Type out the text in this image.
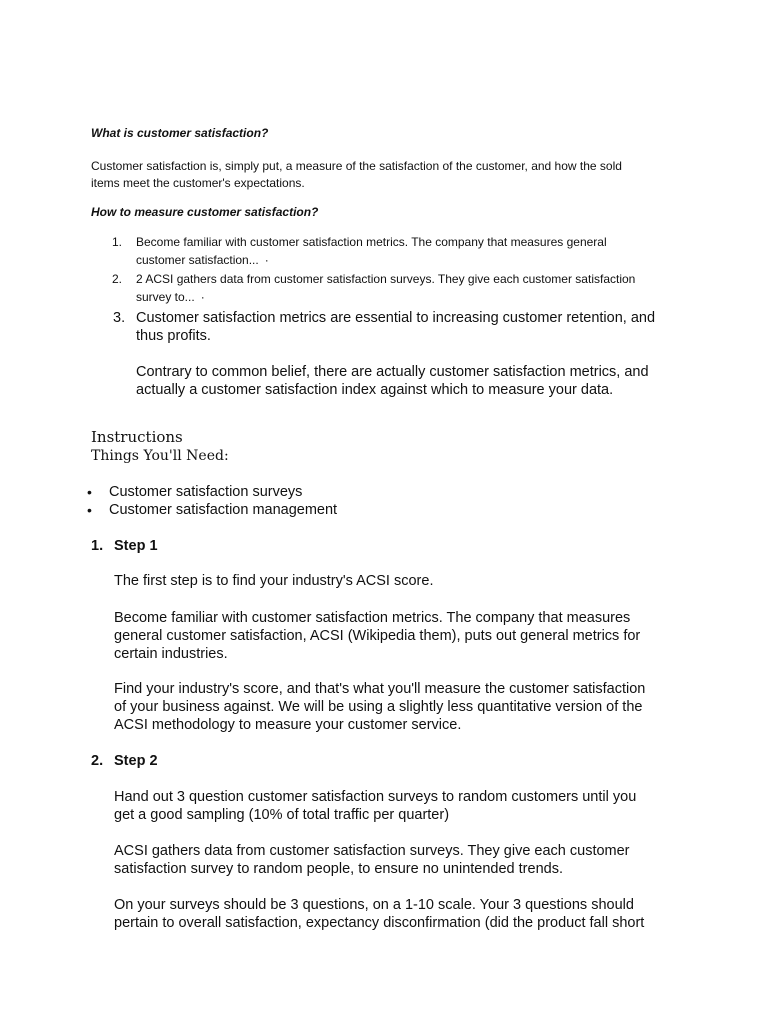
What is customer satisfaction?
Customer satisfaction is, simply put, a measure of the satisfaction of the customer, and how the sold
items meet the customer's expectations.
How to measure customer satisfaction?
1. Become familiar with customer satisfaction metrics. The company that measures general
customer satisfaction... ·
2. 2 ACSI gathers data from customer satisfaction surveys. They give each customer satisfaction
survey to... ·
3. Customer satisfaction metrics are essential to increasing customer retention, and
thus profits.
Contrary to common belief, there are actually customer satisfaction metrics, and
actually a customer satisfaction index against which to measure your data.
Instructions
Things You'll Need:
• Customer satisfaction surveys
• Customer satisfaction management
1. Step 1
The first step is to find your industry's ACSI score.
Become familiar with customer satisfaction metrics. The company that measures
general customer satisfaction, ACSI (Wikipedia them), puts out general metrics for
certain industries.
Find your industry's score, and that's what you'll measure the customer satisfaction
of your business against. We will be using a slightly less quantitative version of the
ACSI methodology to measure your customer service.
2. Step 2
Hand out 3 question customer satisfaction surveys to random customers until you
get a good sampling (10% of total traffic per quarter)
ACSI gathers data from customer satisfaction surveys. They give each customer
satisfaction survey to random people, to ensure no unintended trends.
On your surveys should be 3 questions, on a 1-10 scale. Your 3 questions should
pertain to overall satisfaction, expectancy disconfirmation (did the product fall short
